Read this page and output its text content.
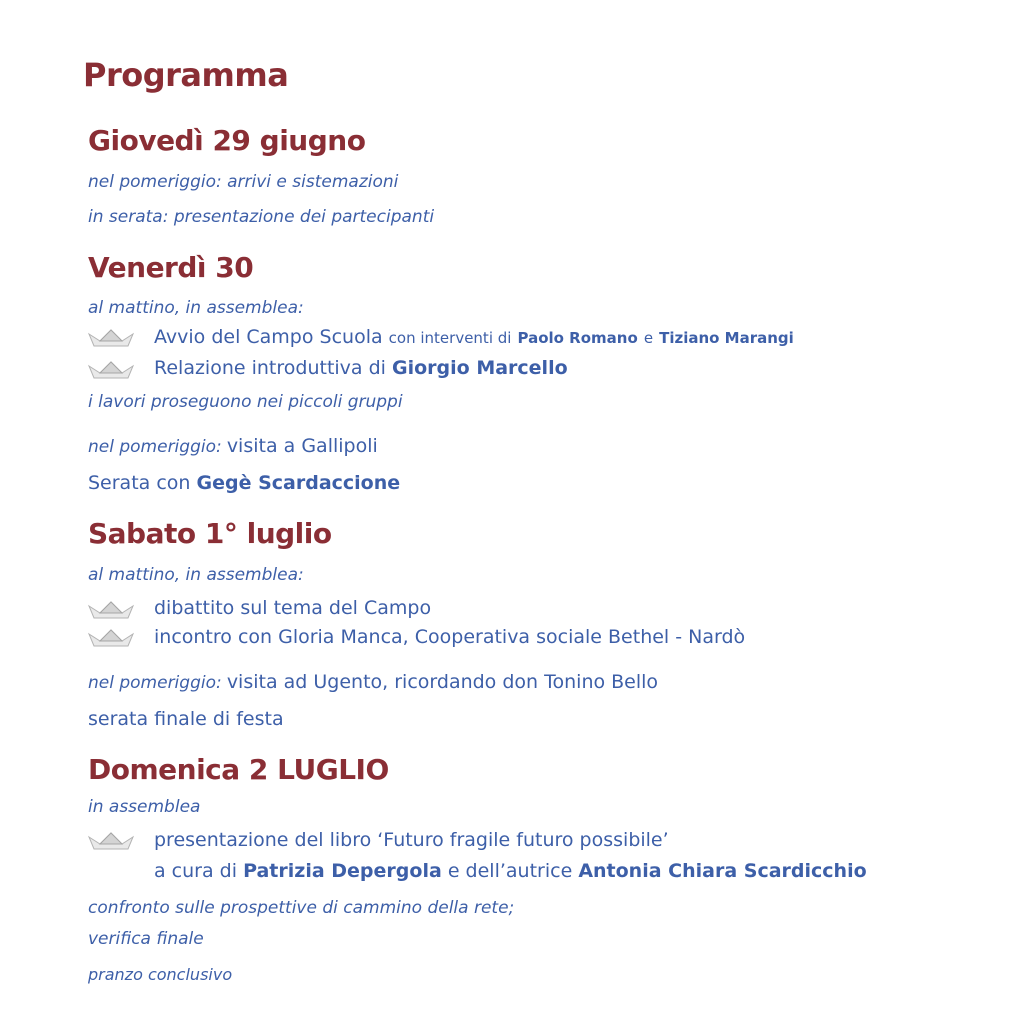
Programma
Giovedì 29 giugno
nel pomeriggio: arrivi e sistemazioni
in serata: presentazione dei partecipanti
Venerdì 30
al mattino, in assemblea:
Avvio del Campo Scuola con interventi di Paolo Romano e Tiziano Marangi
Relazione introduttiva di Giorgio Marcello
i lavori proseguono nei piccoli gruppi
nel pomeriggio: visita a Gallipoli
Serata con Gegè Scardaccione
Sabato 1° luglio
al mattino, in assemblea:
dibattito sul tema del Campo
incontro con Gloria Manca, Cooperativa sociale Bethel - Nardò
nel pomeriggio: visita ad Ugento, ricordando don Tonino Bello
serata finale di festa
Domenica 2 LUGLIO
in assemblea
presentazione del libro ‘Futuro fragile futuro possibile’
a cura di Patrizia Depergola e dell’autrice Antonia Chiara Scardicchio
confronto sulle prospettive di cammino della rete;
verifica finale
pranzo conclusivo
